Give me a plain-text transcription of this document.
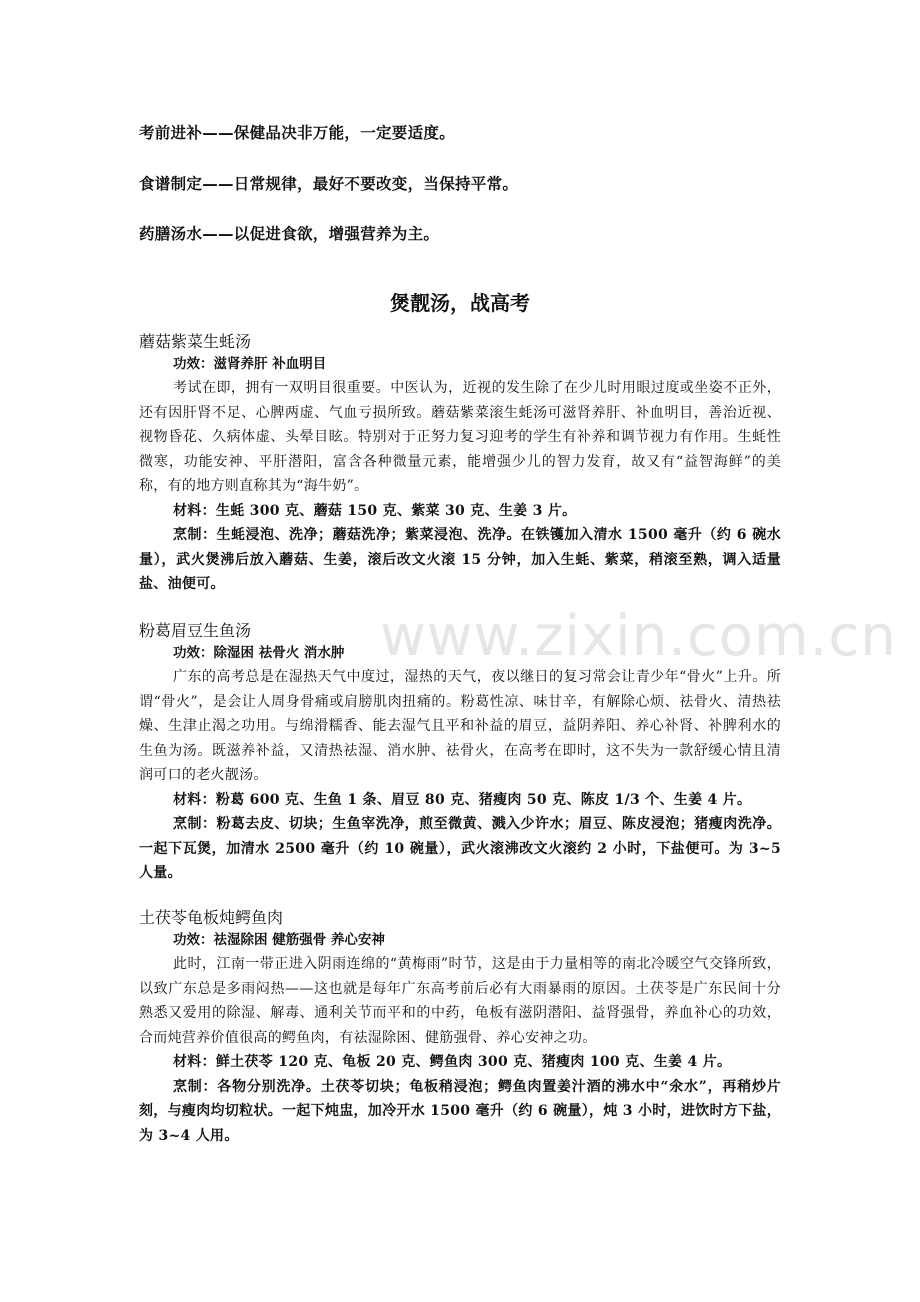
www.zixin.com.cn
考前进补——保健品决非万能，一定要适度。
食谱制定——日常规律，最好不要改变，当保持平常。
药膳汤水——以促进食欲，增强营养为主。
煲靓汤，战高考
蘑菇紫菜生蚝汤
功效：滋肾养肝 补血明目

考试在即，拥有一双明目很重要。中医认为，近视的发生除了在少儿时用眼过度或坐姿不正外，还有因肝肾不足、心脾两虚、气血亏损所致。蘑菇紫菜滚生蚝汤可滋肾养肝、补血明目，善治近视、视物昏花、久病体虚、头晕目眩。特别对于正努力复习迎考的学生有补养和调节视力有作用。生蚝性微寒，功能安神、平肝潜阳，富含各种微量元素，能增强少儿的智力发育，故又有“益智海鲜”的美称，有的地方则直称其为“海牛奶”。

材料：生蚝 300 克、蘑菇 150 克、紫菜 30 克、生姜 3 片。

烹制：生蚝浸泡、洗净；蘑菇洗净；紫菜浸泡、洗净。在铁镬加入清水 1500 毫升（约 6 碗水量），武火煲沸后放入蘑菇、生姜，滚后改文火滚 15 分钟，加入生蚝、紫菜，稍滚至熟，调入适量盐、油便可。

粉葛眉豆生鱼汤
功效：除湿困 祛骨火 消水肿

广东的高考总是在湿热天气中度过，湿热的天气，夜以继日的复习常会让青少年“骨火”上升。所谓“骨火”，是会让人周身骨痛或肩膀肌肉扭痛的。粉葛性凉、味甘辛，有解除心烦、祛骨火、清热祛燥、生津止渴之功用。与绵滑糯香、能去湿气且平和补益的眉豆，益阴养阳、养心补肾、补脾利水的生鱼为汤。既滋养补益，又清热祛湿、消水肿、祛骨火，在高考在即时，这不失为一款舒缓心情且清润可口的老火靓汤。

材料：粉葛 600 克、生鱼 1 条、眉豆 80 克、猪瘦肉 50 克、陈皮 1/3 个、生姜 4 片。

烹制：粉葛去皮、切块；生鱼宰洗净，煎至微黄、溅入少许水；眉豆、陈皮浸泡；猪瘦肉洗净。一起下瓦煲，加清水 2500 毫升（约 10 碗量），武火滚沸改文火滚约 2 小时，下盐便可。为 3~5 人量。

土茯苓龟板炖鳄鱼肉
功效：祛湿除困 健筋强骨 养心安神

此时，江南一带正进入阴雨连绵的“黄梅雨”时节，这是由于力量相等的南北冷暖空气交锋所致，以致广东总是多雨闷热——这也就是每年广东高考前后必有大雨暴雨的原因。土茯苓是广东民间十分熟悉又爱用的除湿、解毒、通利关节而平和的中药，龟板有滋阴潜阳、益肾强骨，养血补心的功效，合而炖营养价值很高的鳄鱼肉，有祛湿除困、健筋强骨、养心安神之功。

材料：鲜土茯苓 120 克、龟板 20 克、鳄鱼肉 300 克、猪瘦肉 100 克、生姜 4 片。

烹制：各物分别洗净。土茯苓切块；龟板稍浸泡；鳄鱼肉置姜汁酒的沸水中“氽水”，再稍炒片刻，与瘦肉均切粒状。一起下炖盅，加冷开水 1500 毫升（约 6 碗量），炖 3 小时，进饮时方下盐，为 3~4 人用。
